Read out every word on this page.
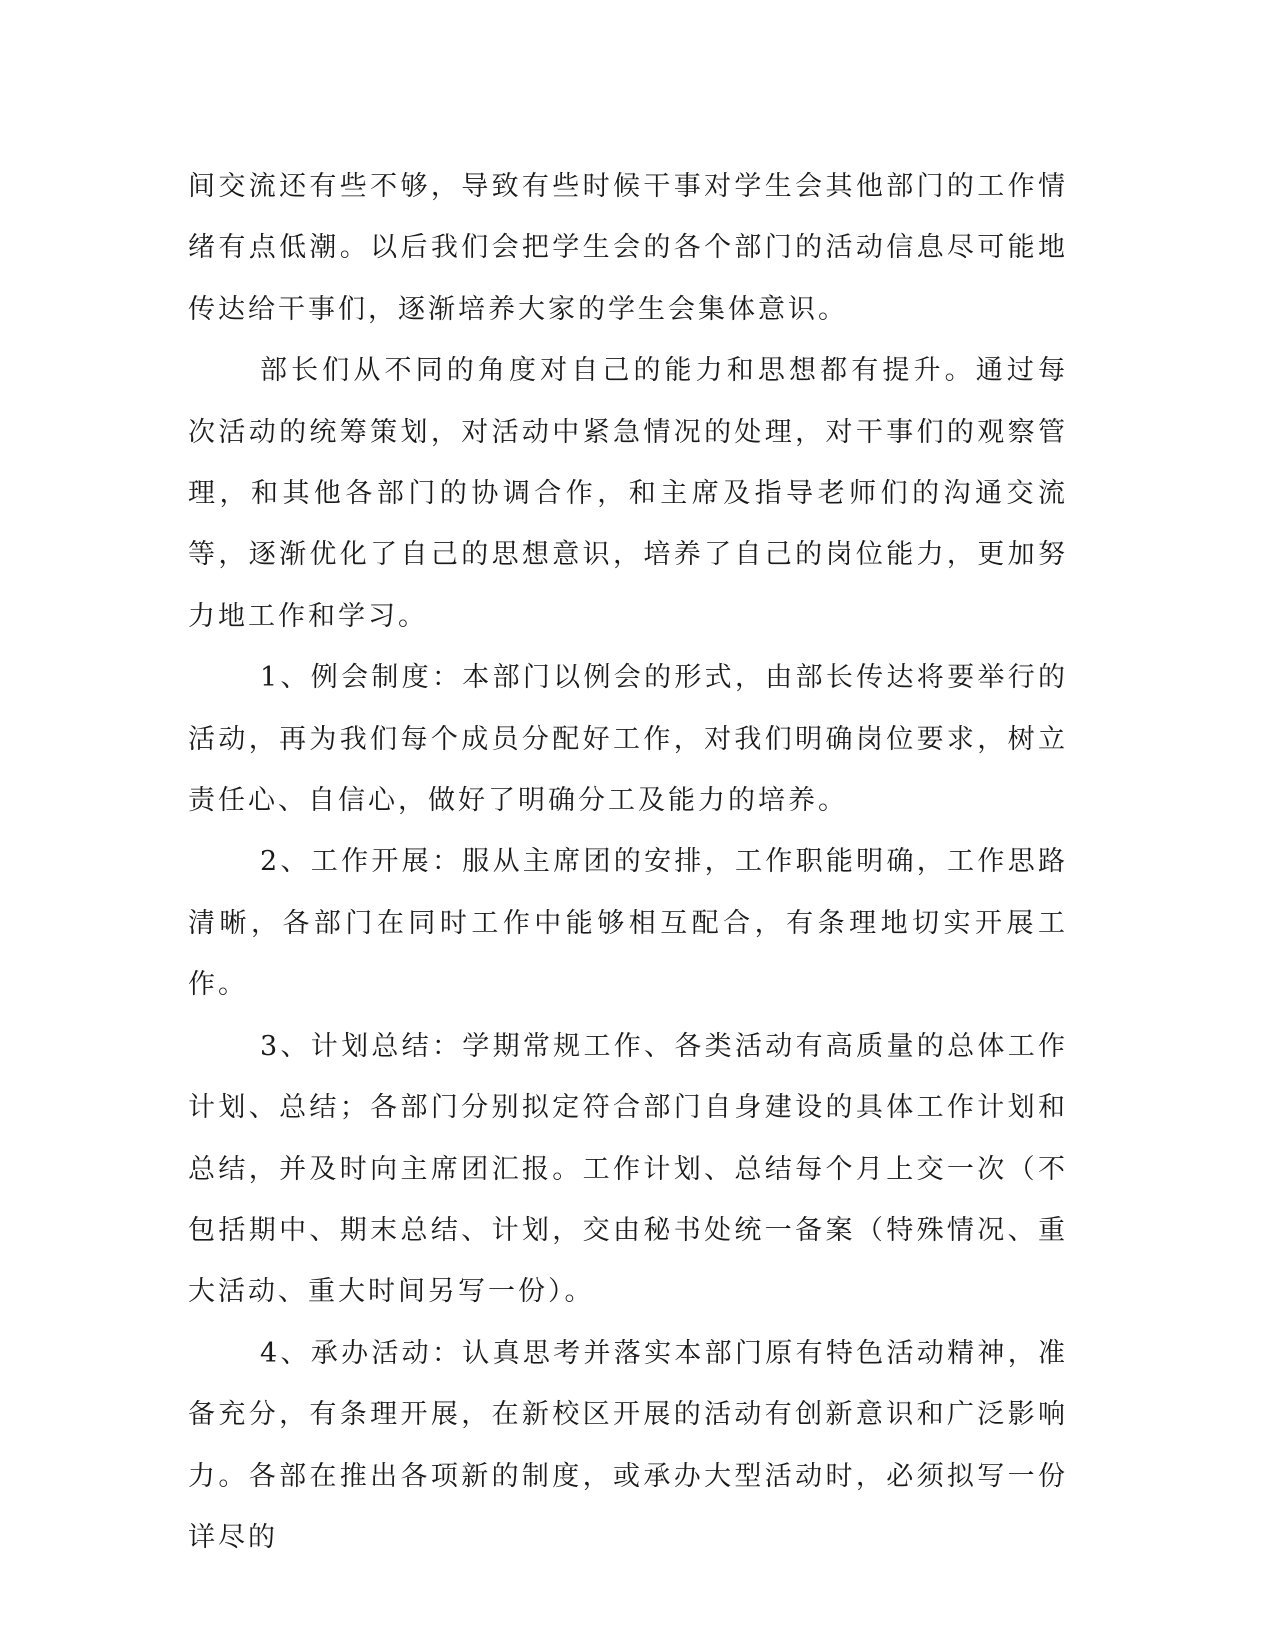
间交流还有些不够，导致有些时候干事对学生会其他部门的工作情绪有点低潮。以后我们会把学生会的各个部门的活动信息尽可能地传达给干事们，逐渐培养大家的学生会集体意识。

部长们从不同的角度对自己的能力和思想都有提升。通过每次活动的统筹策划，对活动中紧急情况的处理，对干事们的观察管理，和其他各部门的协调合作，和主席及指导老师们的沟通交流等，逐渐优化了自己的思想意识，培养了自己的岗位能力，更加努力地工作和学习。

1、例会制度：本部门以例会的形式，由部长传达将要举行的活动，再为我们每个成员分配好工作，对我们明确岗位要求，树立责任心、自信心，做好了明确分工及能力的培养。

2、工作开展：服从主席团的安排，工作职能明确，工作思路清晰，各部门在同时工作中能够相互配合，有条理地切实开展工作。

3、计划总结：学期常规工作、各类活动有高质量的总体工作计划、总结；各部门分别拟定符合部门自身建设的具体工作计划和总结，并及时向主席团汇报。工作计划、总结每个月上交一次（不包括期中、期末总结、计划，交由秘书处统一备案（特殊情况、重大活动、重大时间另写一份）。

4、承办活动：认真思考并落实本部门原有特色活动精神，准备充分，有条理开展，在新校区开展的活动有创新意识和广泛影响力。各部在推出各项新的制度，或承办大型活动时，必须拟写一份详尽的
